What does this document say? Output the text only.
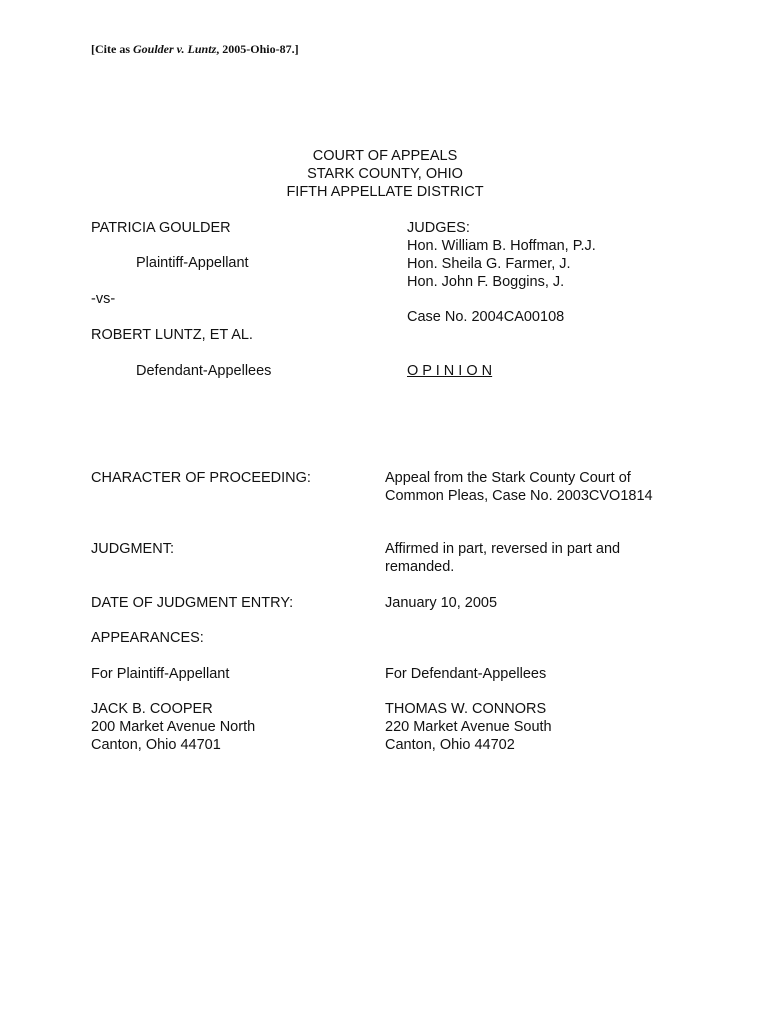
[Cite as Goulder v. Luntz, 2005-Ohio-87.]
COURT OF APPEALS
STARK COUNTY, OHIO
FIFTH APPELLATE DISTRICT
PATRICIA GOULDER
Plaintiff-Appellant
-vs-
ROBERT LUNTZ, ET AL.
Defendant-Appellees
JUDGES:
Hon. William B. Hoffman, P.J.
Hon. Sheila G. Farmer, J.
Hon. John F. Boggins, J.
Case No. 2004CA00108
O P I N I O N
CHARACTER OF PROCEEDING:	Appeal from the Stark County Court of
Common Pleas, Case No. 2003CVO1814
JUDGMENT:	Affirmed in part, reversed in part and
remanded.
DATE OF JUDGMENT ENTRY:	January 10, 2005
APPEARANCES:
For Plaintiff-Appellant
JACK B. COOPER
200 Market Avenue North
Canton, Ohio 44701
For Defendant-Appellees
THOMAS W. CONNORS
220 Market Avenue South
Canton, Ohio 44702
